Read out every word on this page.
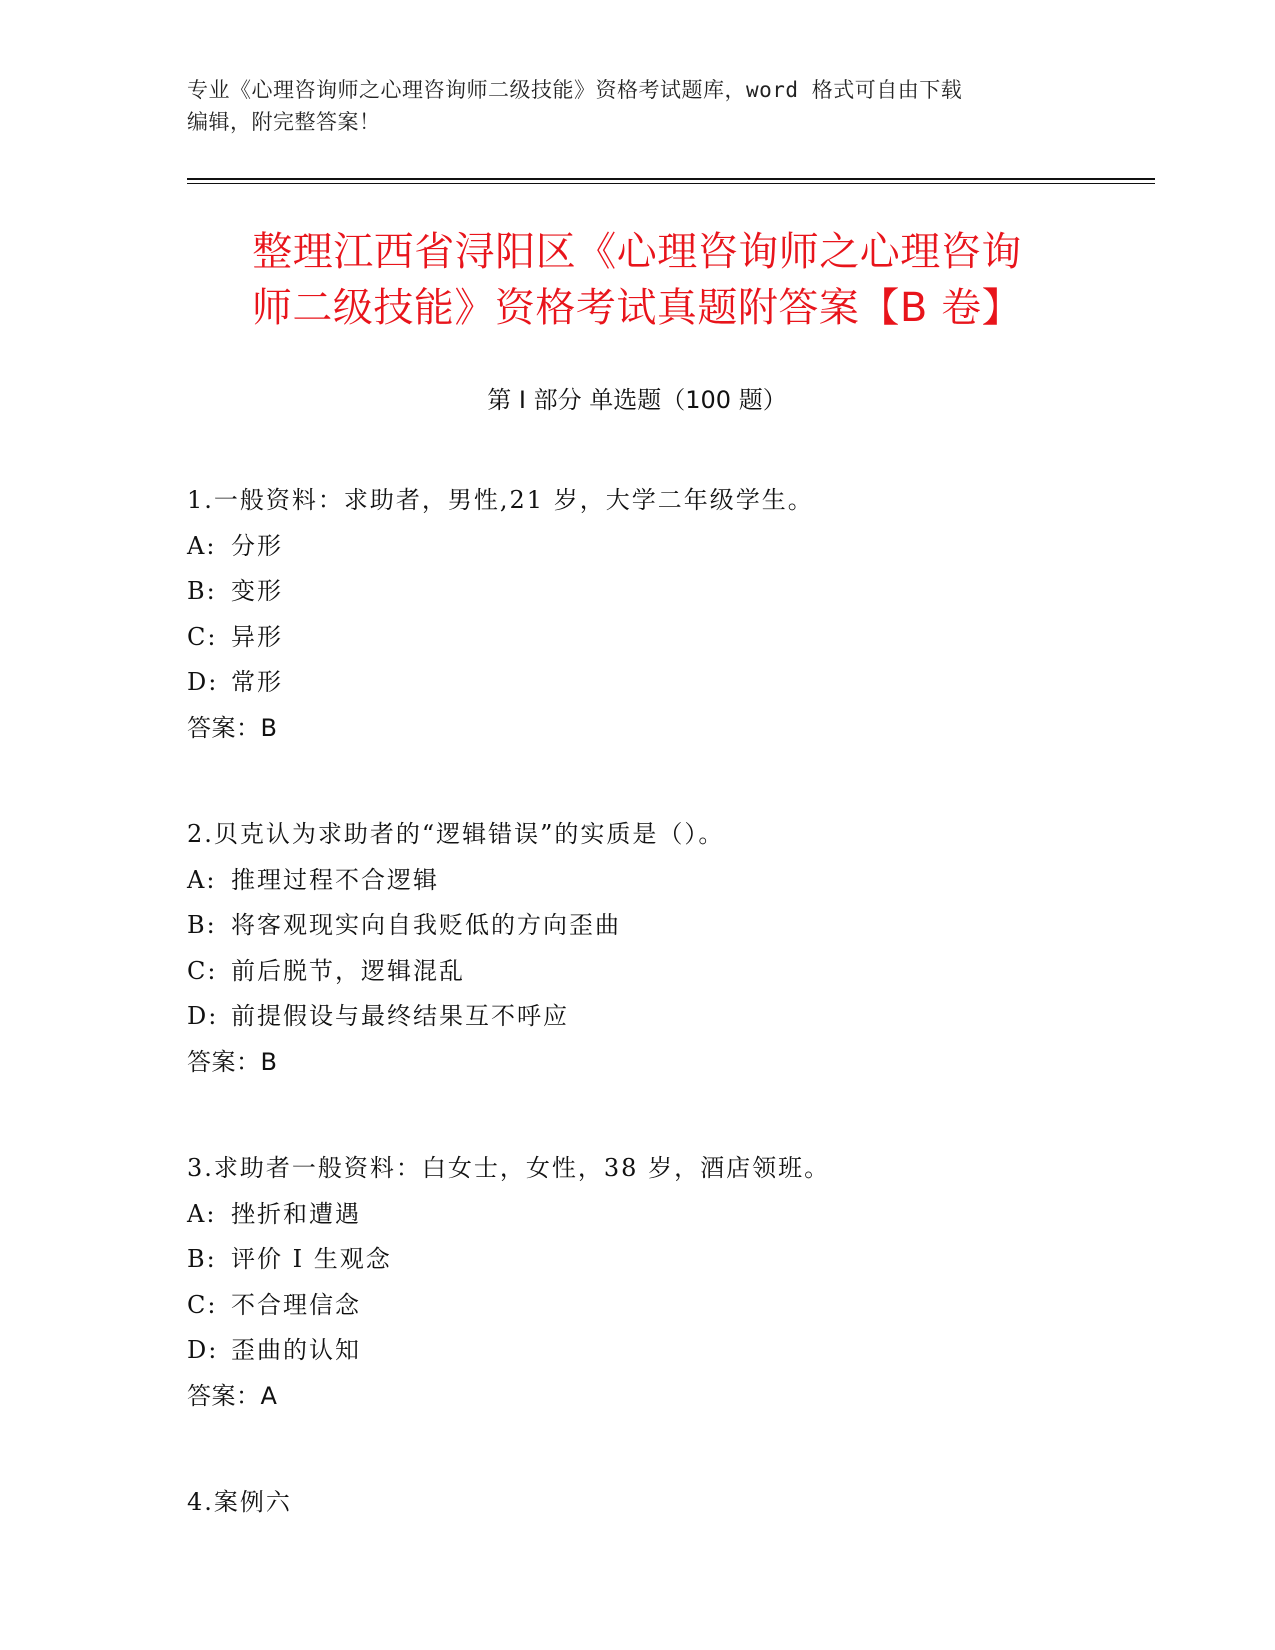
专业《心理咨询师之心理咨询师二级技能》资格考试题库，word 格式可自由下载
编辑，附完整答案！
整理江西省浔阳区《心理咨询师之心理咨询
师二级技能》资格考试真题附答案【B 卷】
第 I 部分 单选题（100 题）
1.一般资料：求助者，男性,21 岁，大学二年级学生。
A: 分形
B: 变形
C: 异形
D: 常形
答案：B
2.贝克认为求助者的“逻辑错误”的实质是（）。
A: 推理过程不合逻辑
B: 将客观现实向自我贬低的方向歪曲
C: 前后脱节，逻辑混乱
D: 前提假设与最终结果互不呼应
答案：B
3.求助者一般资料：白女士，女性，38 岁，酒店领班。
A: 挫折和遭遇
B: 评价 I 生观念
C: 不合理信念
D: 歪曲的认知
答案：A
4.案例六
